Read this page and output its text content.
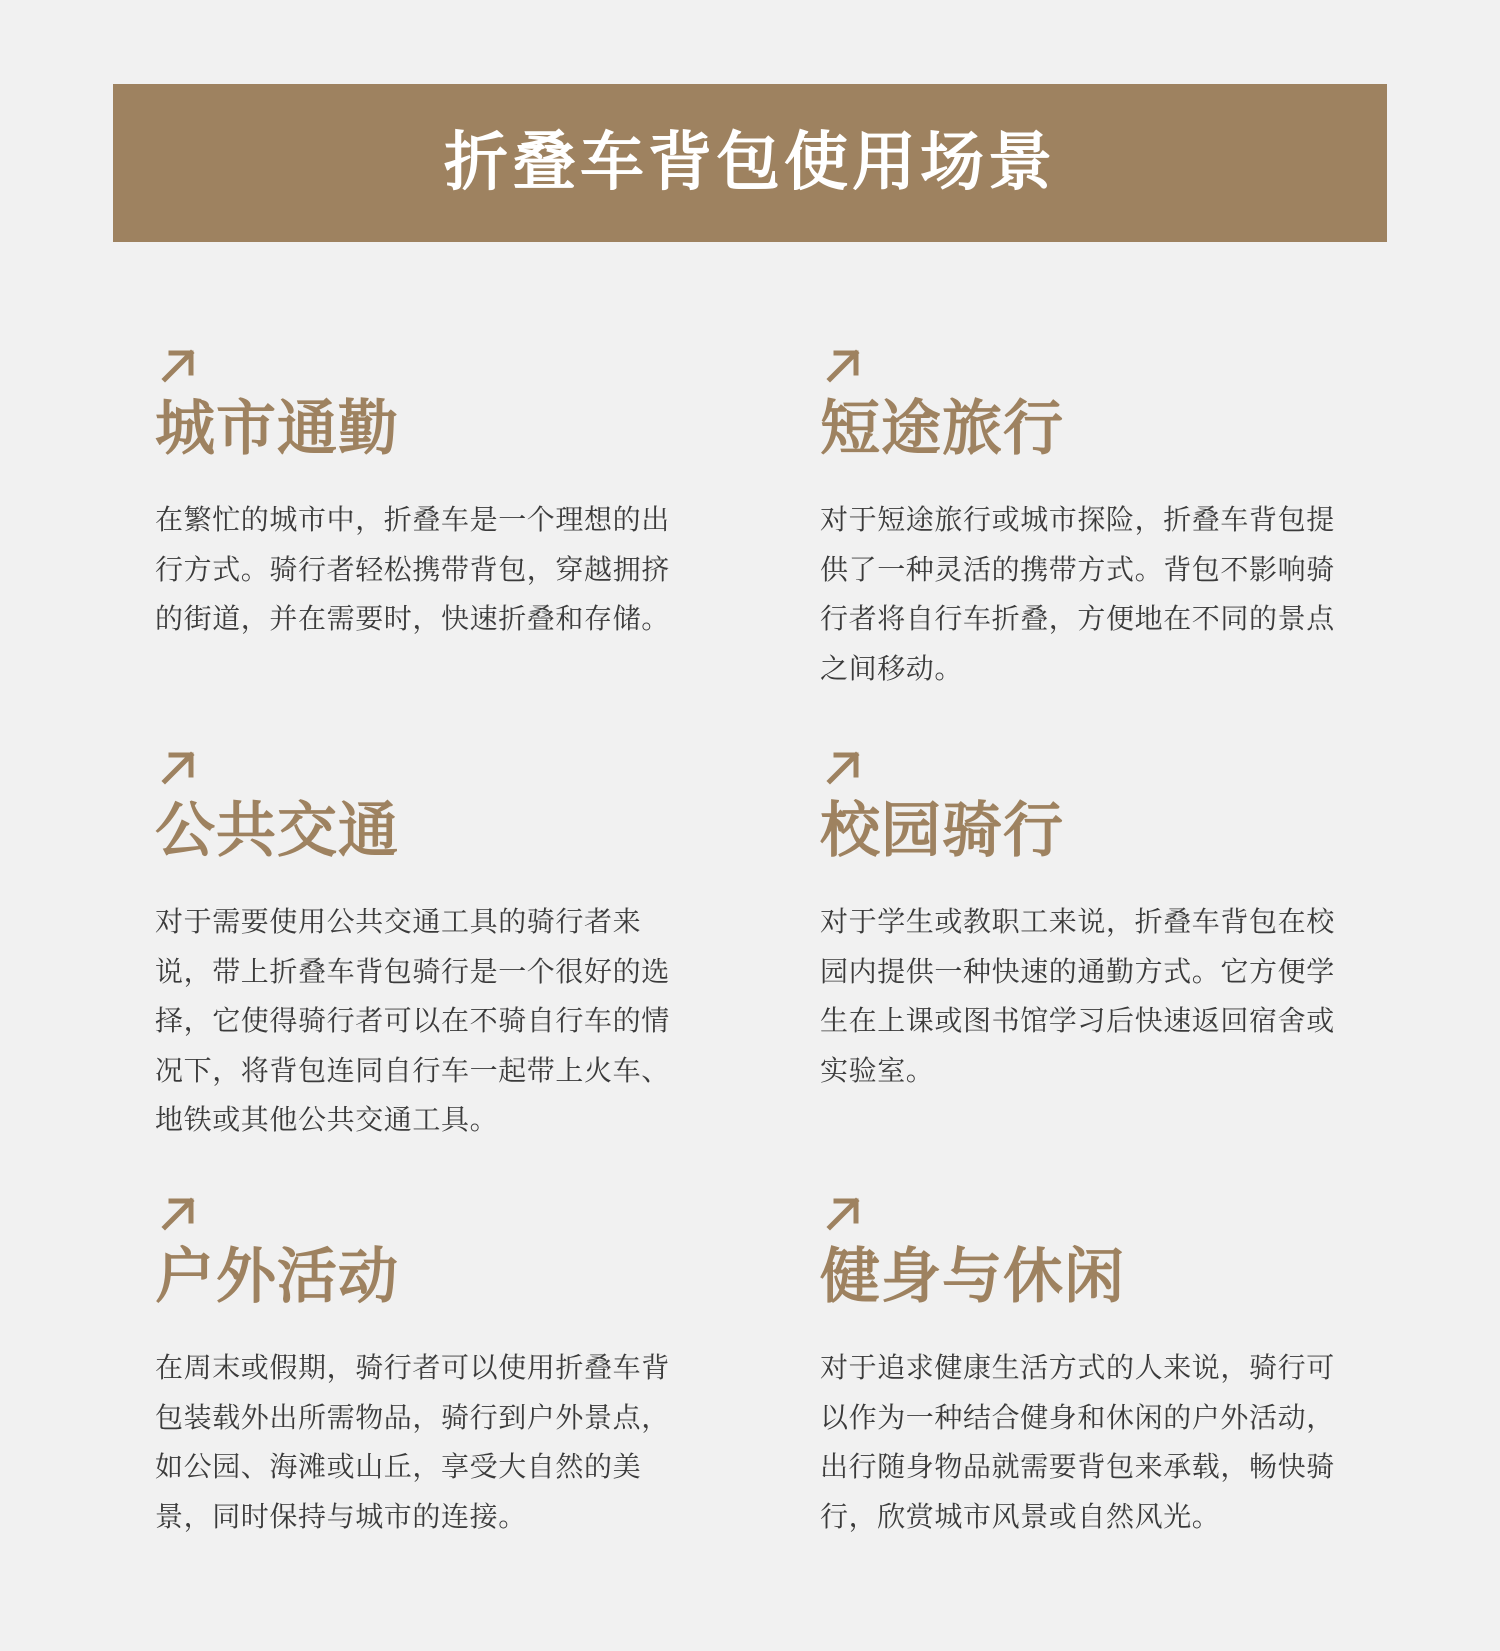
折叠车背包使用场景
城市通勤

在繁忙的城市中，折叠车是一个理想的出行方式。骑行者轻松携带背包，穿越拥挤的街道，并在需要时，快速折叠和存储。

短途旅行

对于短途旅行或城市探险，折叠车背包提供了一种灵活的携带方式。背包不影响骑行者将自行车折叠，方便地在不同的景点之间移动。

公共交通

对于需要使用公共交通工具的骑行者来说，带上折叠车背包骑行是一个很好的选择，它使得骑行者可以在不骑自行车的情况下，将背包连同自行车一起带上火车、地铁或其他公共交通工具。

校园骑行

对于学生或教职工来说，折叠车背包在校园内提供一种快速的通勤方式。它方便学生在上课或图书馆学习后快速返回宿舍或实验室。

户外活动

在周末或假期，骑行者可以使用折叠车背包装载外出所需物品，骑行到户外景点，如公园、海滩或山丘，享受大自然的美景，同时保持与城市的连接。

健身与休闲

对于追求健康生活方式的人来说，骑行可以作为一种结合健身和休闲的户外活动，出行随身物品就需要背包来承载，畅快骑行，欣赏城市风景或自然风光。
